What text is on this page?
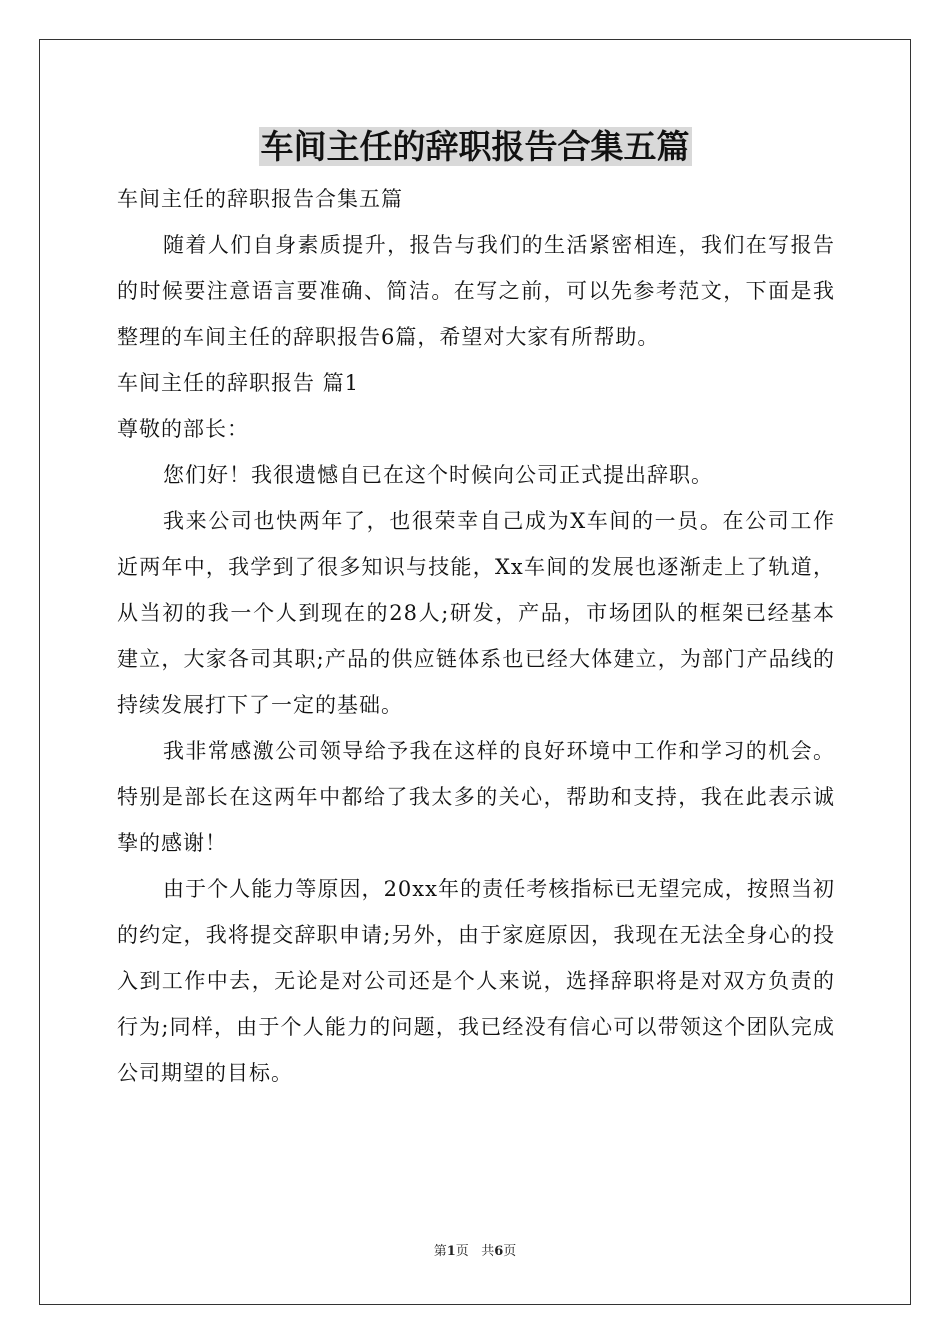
车间主任的辞职报告合集五篇

车间主任的辞职报告合集五篇

随着人们自身素质提升，报告与我们的生活紧密相连，我们在写报告的时候要注意语言要准确、简洁。在写之前，可以先参考范文，下面是我整理的车间主任的辞职报告6篇，希望对大家有所帮助。

车间主任的辞职报告 篇1

尊敬的部长：

您们好！我很遗憾自已在这个时候向公司正式提出辞职。

我来公司也快两年了，也很荣幸自己成为X车间的一员。在公司工作近两年中，我学到了很多知识与技能，Xx车间的发展也逐渐走上了轨道，从当初的我一个人到现在的28人;研发，产品，市场团队的框架已经基本建立，大家各司其职;产品的供应链体系也已经大体建立，为部门产品线的持续发展打下了一定的基础。

我非常感激公司领导给予我在这样的良好环境中工作和学习的机会。特别是部长在这两年中都给了我太多的关心，帮助和支持，我在此表示诚挚的感谢！

由于个人能力等原因，20xx年的责任考核指标已无望完成，按照当初的约定，我将提交辞职申请;另外，由于家庭原因，我现在无法全身心的投入到工作中去，无论是对公司还是个人来说，选择辞职将是对双方负责的行为;同样，由于个人能力的问题，我已经没有信心可以带领这个团队完成公司期望的目标。

第1页 共6页
